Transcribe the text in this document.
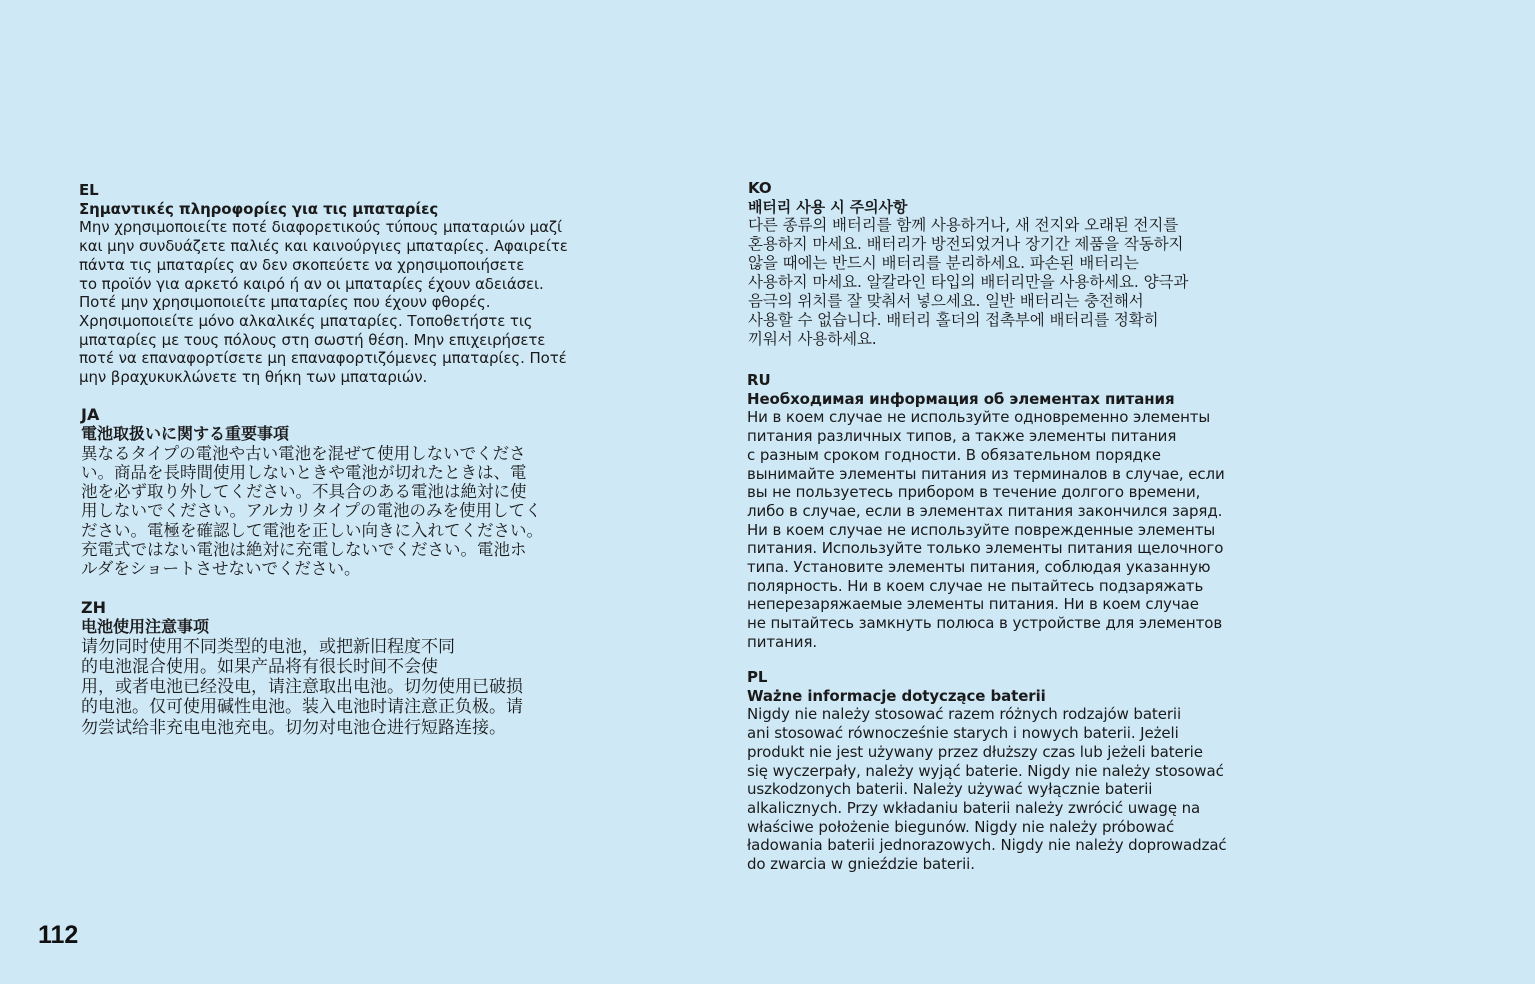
EL
Σημαντικές πληροφορίες για τις μπαταρίες
Μην χρησιμοποιείτε ποτέ διαφορετικούς τύπους μπαταριών μαζί
και μην συνδυάζετε παλιές και καινούργιες μπαταρίες. Αφαιρείτε
πάντα τις μπαταρίες αν δεν σκοπεύετε να χρησιμοποιήσετε
το προϊόν για αρκετό καιρό ή αν οι μπαταρίες έχουν αδειάσει.
Ποτέ μην χρησιμοποιείτε μπαταρίες που έχουν φθορές.
Χρησιμοποιείτε μόνο αλκαλικές μπαταρίες. Τοποθετήστε τις
μπαταρίες με τους πόλους στη σωστή θέση. Μην επιχειρήσετε
ποτέ να επαναφορτίσετε μη επαναφορτιζόμενες μπαταρίες. Ποτέ
μην βραχυκυκλώνετε τη θήκη των μπαταριών.
JA
電池取扱いに関する重要事項
異なるタイプの電池や古い電池を混ぜて使用しないでくださ
い。商品を長時間使用しないときや電池が切れたときは、電
池を必ず取り外してください。不具合のある電池は絶対に使
用しないでください。アルカリタイプの電池のみを使用してく
ださい。電極を確認して電池を正しい向きに入れてください。
充電式ではない電池は絶対に充電しないでください。電池ホ
ルダをショートさせないでください。
ZH
电池使用注意事项
请勿同时使用不同类型的电池，或把新旧程度不同
的电池混合使用。如果产品将有很长时间不会使
用，或者电池已经没电，请注意取出电池。切勿使用已破损
的电池。仅可使用碱性电池。装入电池时请注意正负极。请
勿尝试给非充电电池充电。切勿对电池仓进行短路连接。
KO
배터리 사용 시 주의사항
다른 종류의 배터리를 함께 사용하거나, 새 전지와 오래된 전지를
혼용하지 마세요. 배터리가 방전되었거나 장기간 제품을 작동하지
않을 때에는 반드시 배터리를 분리하세요. 파손된 배터리는
사용하지 마세요. 알칼라인 타입의 배터리만을 사용하세요. 양극과
음극의 위치를 잘 맞춰서 넣으세요. 일반 배터리는 충전해서
사용할 수 없습니다. 배터리 홀더의 접촉부에 배터리를 정확히
끼워서 사용하세요.
RU
Необходимая информация об элементах питания
Ни в коем случае не используйте одновременно элементы
питания различных типов, а также элементы питания
с разным сроком годности. В обязательном порядке
вынимайте элементы питания из терминалов в случае, если
вы не пользуетесь прибором в течение долгого времени,
либо в случае, если в элементах питания закончился заряд.
Ни в коем случае не используйте поврежденные элементы
питания. Используйте только элементы питания щелочного
типа. Установите элементы питания, соблюдая указанную
полярность. Ни в коем случае не пытайтесь подзаряжать
неперезаряжаемые элементы питания. Ни в коем случае
не пытайтесь замкнуть полюса в устройстве для элементов
питания.
PL
Ważne informacje dotyczące baterii
Nigdy nie należy stosować razem różnych rodzajów baterii
ani stosować równocześnie starych i nowych baterii. Jeżeli
produkt nie jest używany przez dłuższy czas lub jeżeli baterie
się wyczerpały, należy wyjąć baterie. Nigdy nie należy stosować
uszkodzonych baterii. Należy używać wyłącznie baterii
alkalicznych. Przy wkładaniu baterii należy zwrócić uwagę na
właściwe położenie biegunów. Nigdy nie należy próbować
ładowania baterii jednorazowych. Nigdy nie należy doprowadzać
do zwarcia w gnieździe baterii.
112
